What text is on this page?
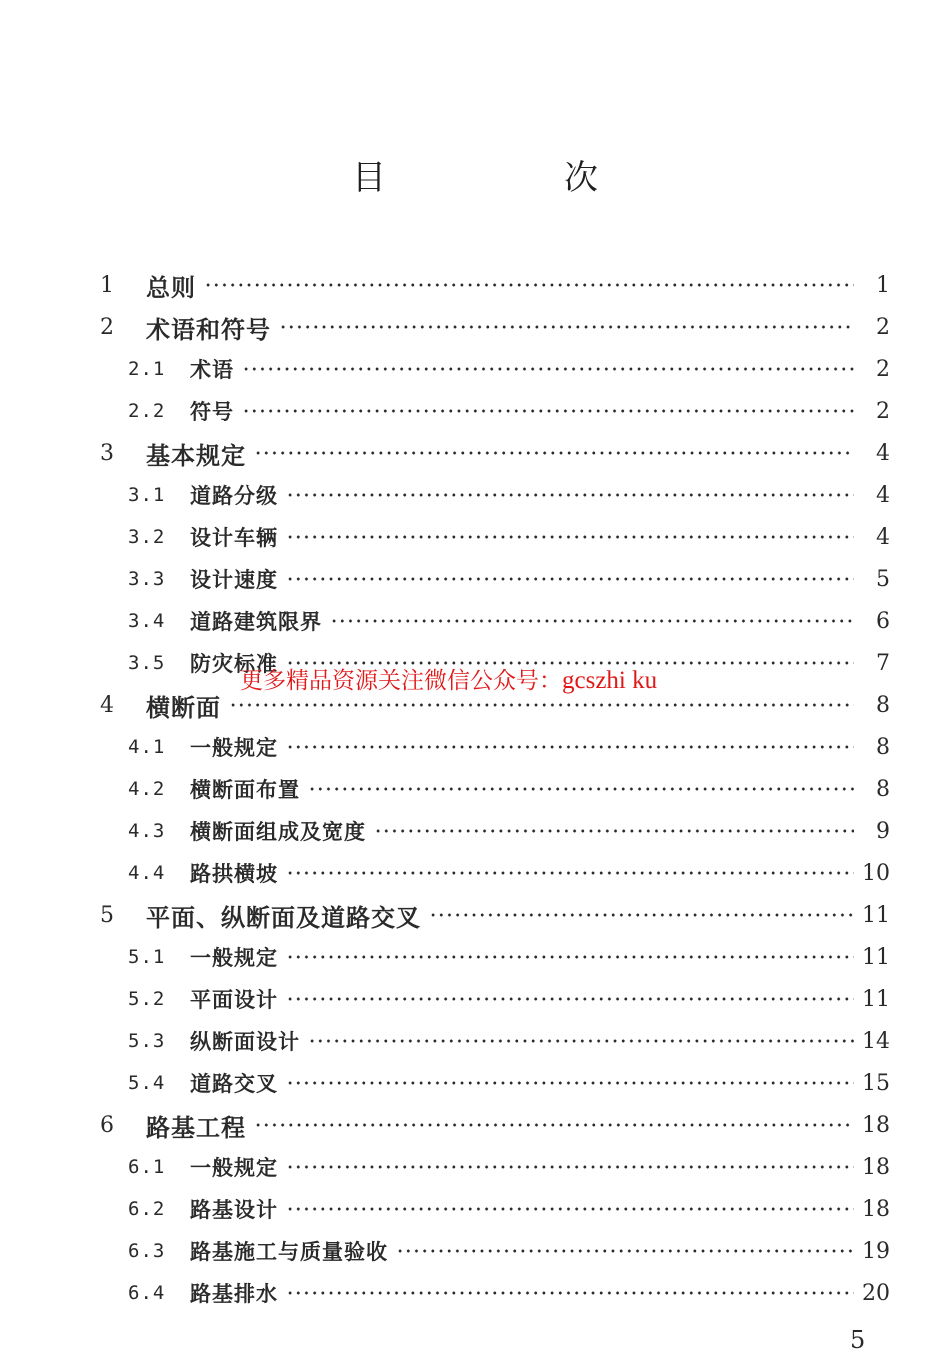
目　次
1	总则	1
2	术语和符号	2
2.1	术语	2
2.2	符号	2
3	基本规定	4
3.1	道路分级	4
3.2	设计车辆	4
3.3	设计速度	5
3.4	道路建筑限界	6
3.5	防灾标准	7
4	横断面	8
4.1	一般规定	8
4.2	横断面布置	8
4.3	横断面组成及宽度	9
4.4	路拱横坡	10
5	平面、纵断面及道路交叉	11
5.1	一般规定	11
5.2	平面设计	11
5.3	纵断面设计	14
5.4	道路交叉	15
6	路基工程	18
6.1	一般规定	18
6.2	路基设计	18
6.3	路基施工与质量验收	19
6.4	路基排水	20
更多精品资源关注微信公众号：gcszhi ku
5
